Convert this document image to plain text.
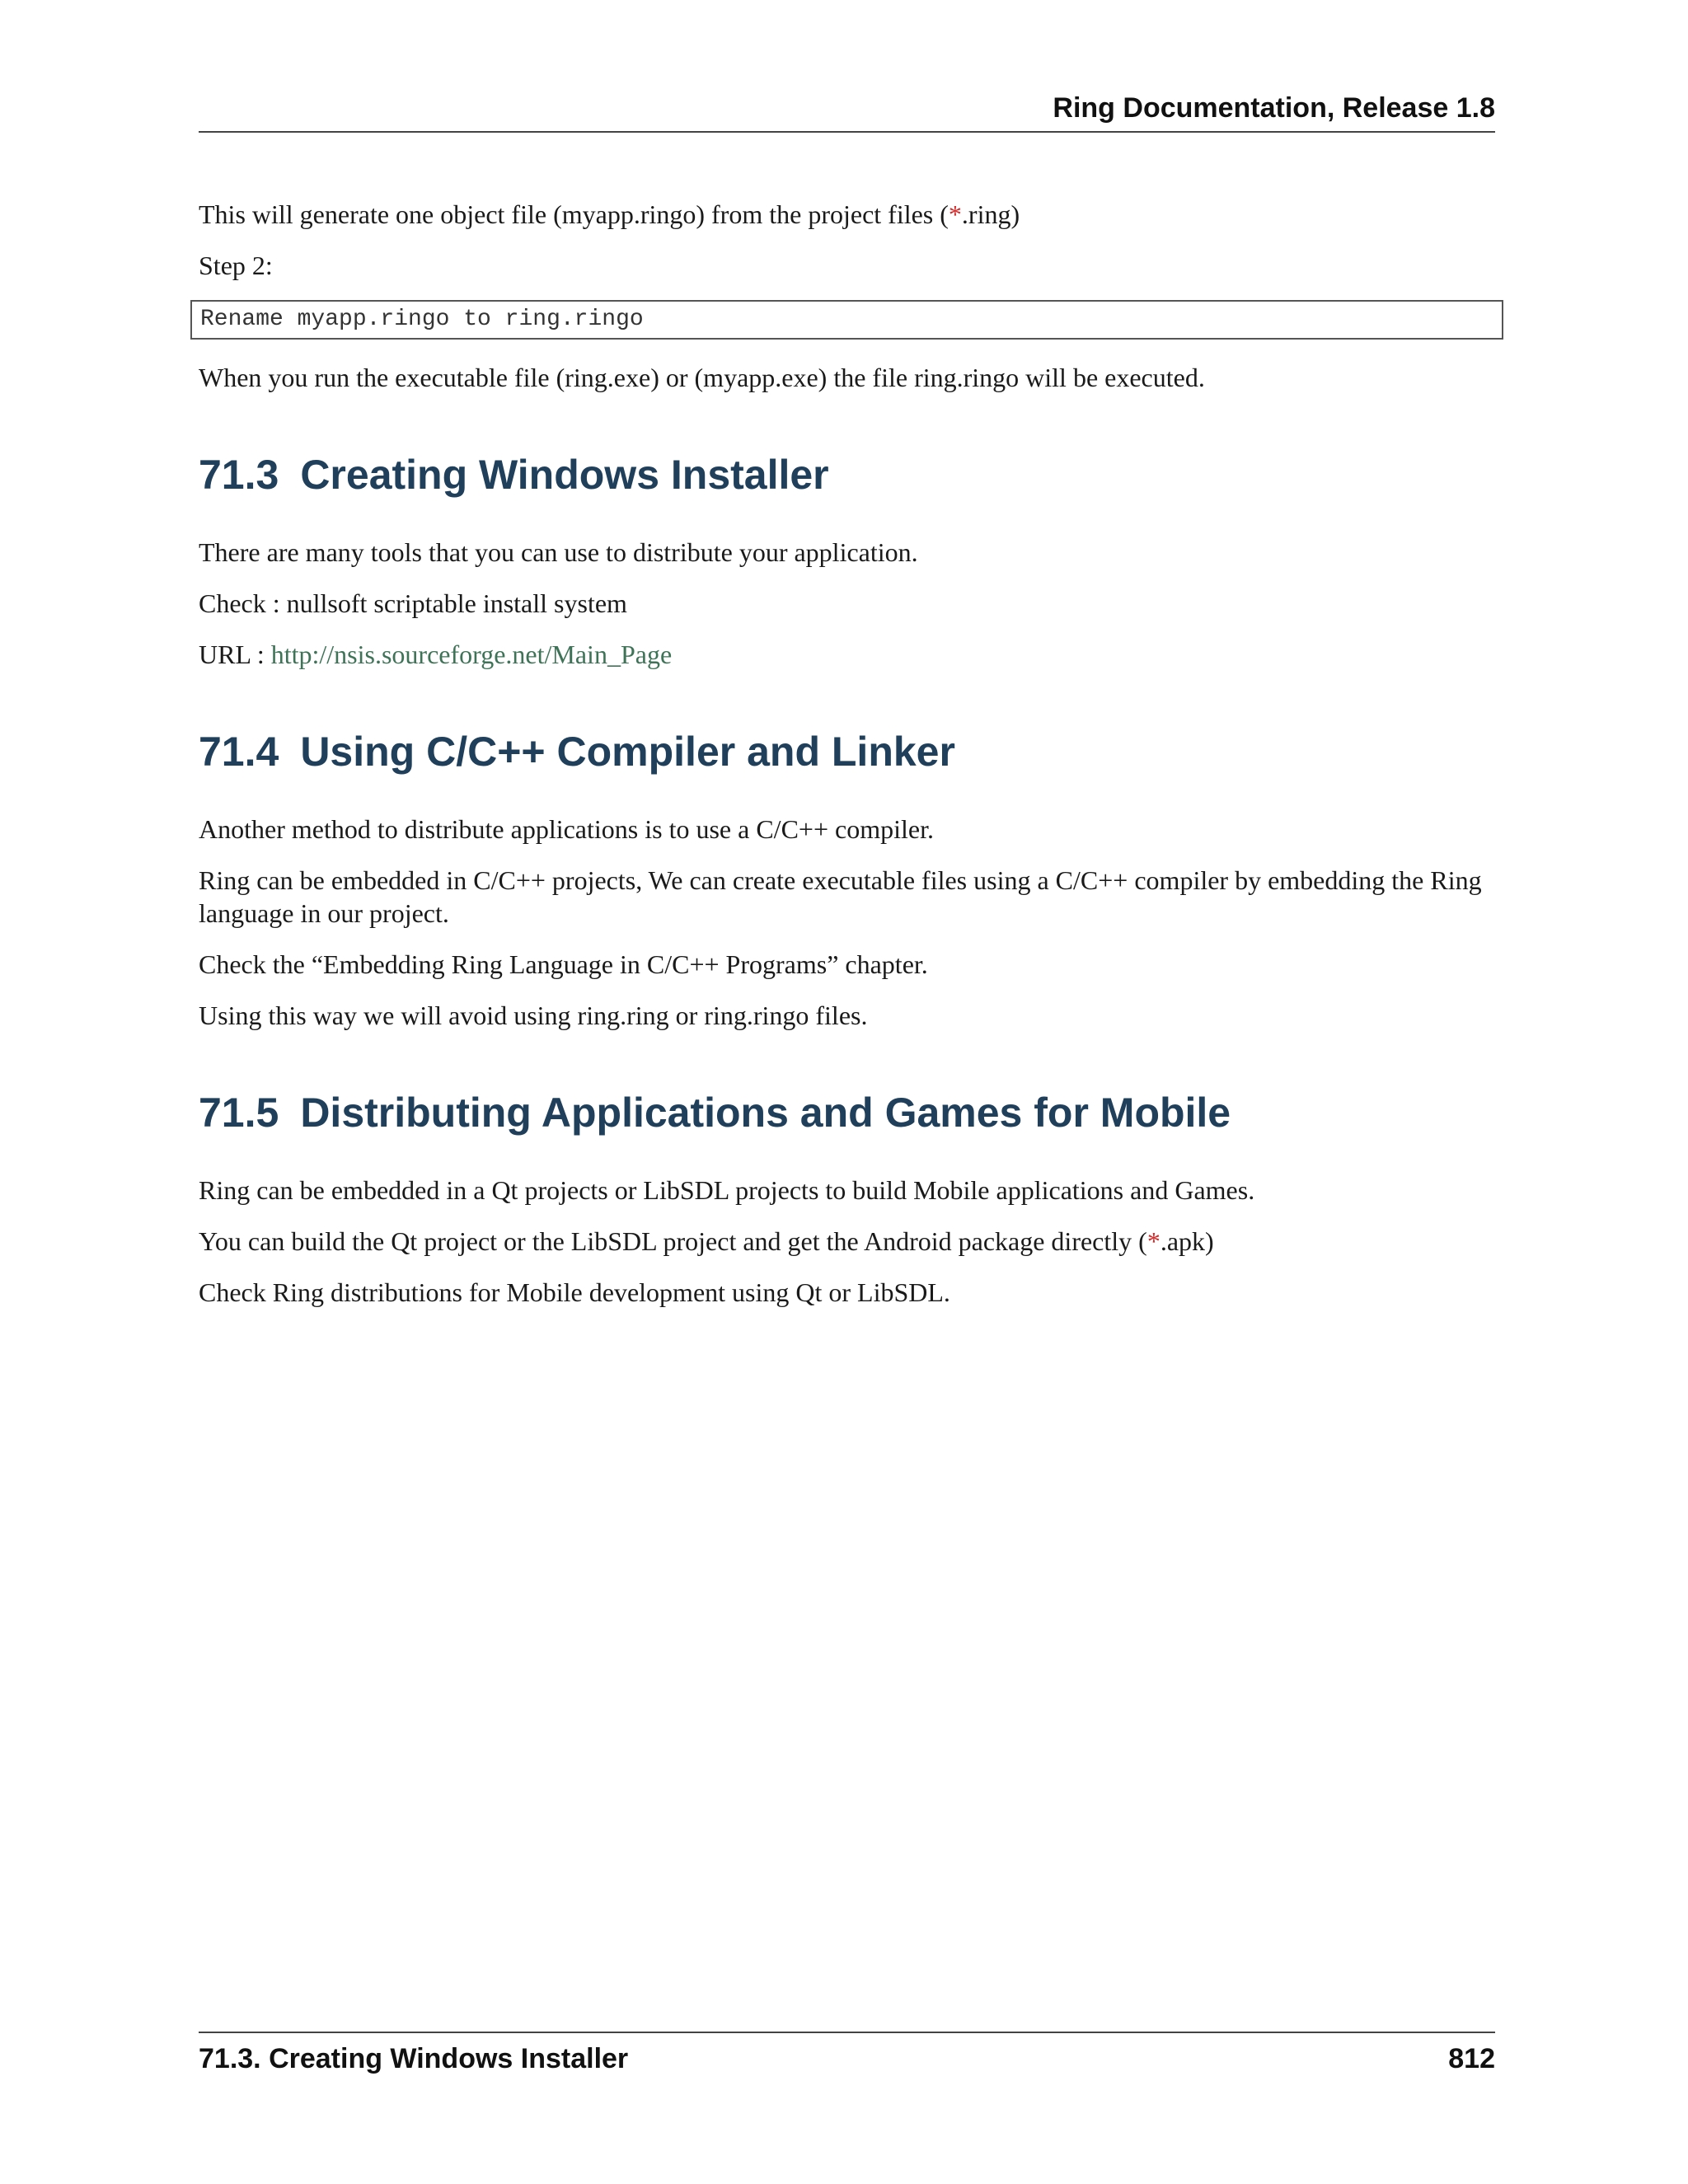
Ring Documentation, Release 1.8

This will generate one object file (myapp.ringo) from the project files (*.ring)

Step 2:

Rename myapp.ringo to ring.ringo

When you run the executable file (ring.exe) or (myapp.exe) the file ring.ringo will be executed.

71.3 Creating Windows Installer

There are many tools that you can use to distribute your application.

Check : nullsoft scriptable install system

URL : http://nsis.sourceforge.net/Main_Page

71.4 Using C/C++ Compiler and Linker

Another method to distribute applications is to use a C/C++ compiler.

Ring can be embedded in C/C++ projects, We can create executable files using a C/C++ compiler by embedding the Ring language in our project.

Check the “Embedding Ring Language in C/C++ Programs” chapter.

Using this way we will avoid using ring.ring or ring.ringo files.

71.5 Distributing Applications and Games for Mobile

Ring can be embedded in a Qt projects or LibSDL projects to build Mobile applications and Games.

You can build the Qt project or the LibSDL project and get the Android package directly (*.apk)

Check Ring distributions for Mobile development using Qt or LibSDL.

71.3. Creating Windows Installer	812
